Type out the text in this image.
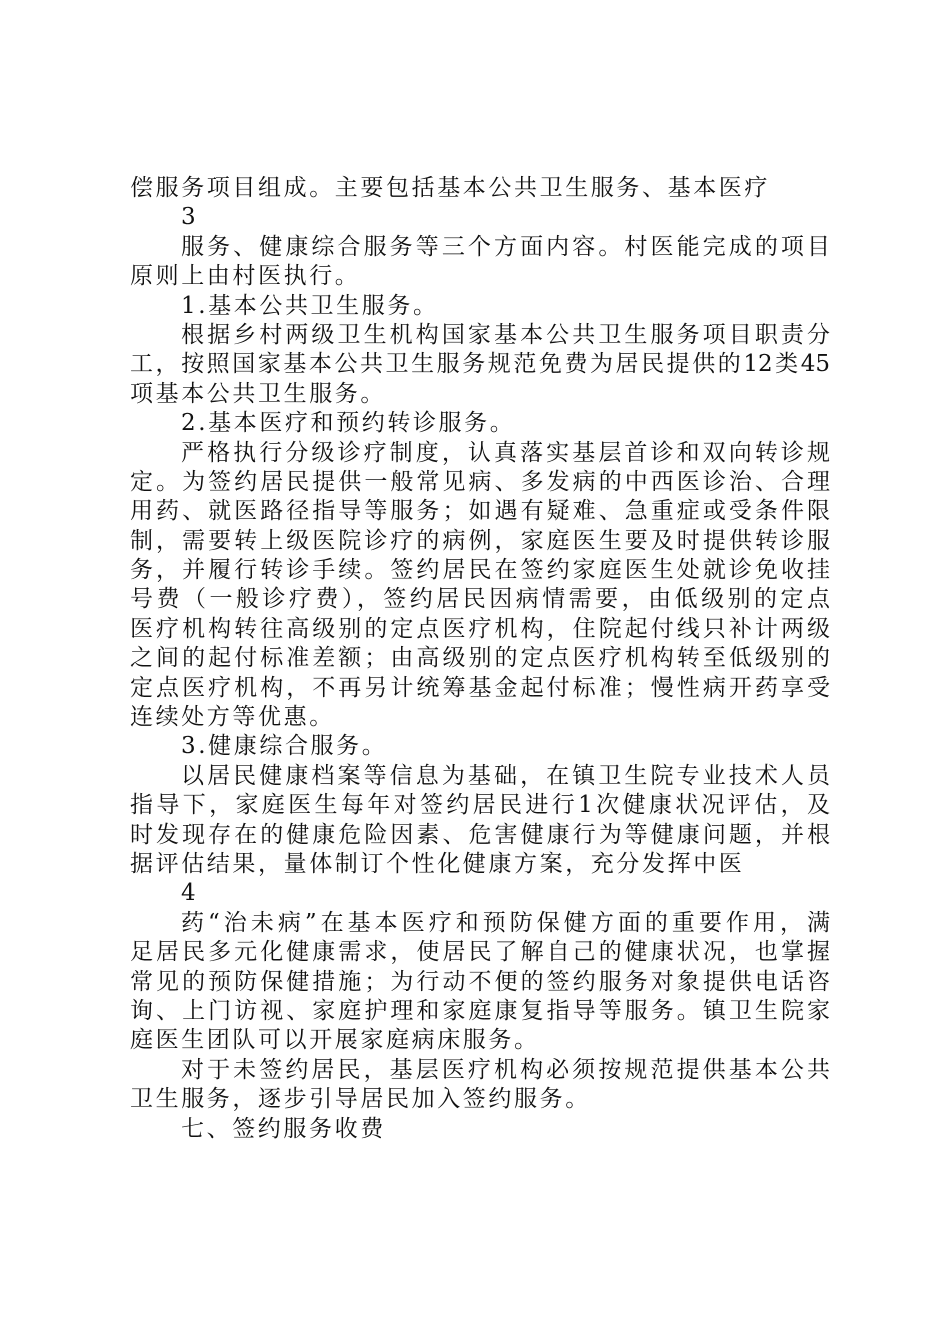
偿服务项目组成。主要包括基本公共卫生服务、基本医疗
3
服务、健康综合服务等三个方面内容。村医能完成的项目
原则上由村医执行。
1.基本公共卫生服务。
根据乡村两级卫生机构国家基本公共卫生服务项目职责分
工，按照国家基本公共卫生服务规范免费为居民提供的12类45
项基本公共卫生服务。
2.基本医疗和预约转诊服务。
严格执行分级诊疗制度，认真落实基层首诊和双向转诊规
定。为签约居民提供一般常见病、多发病的中西医诊治、合理
用药、就医路径指导等服务；如遇有疑难、急重症或受条件限
制，需要转上级医院诊疗的病例，家庭医生要及时提供转诊服
务，并履行转诊手续。签约居民在签约家庭医生处就诊免收挂
号费（一般诊疗费），签约居民因病情需要，由低级别的定点
医疗机构转往高级别的定点医疗机构，住院起付线只补计两级
之间的起付标准差额；由高级别的定点医疗机构转至低级别的
定点医疗机构，不再另计统筹基金起付标准；慢性病开药享受
连续处方等优惠。
3.健康综合服务。
以居民健康档案等信息为基础，在镇卫生院专业技术人员
指导下，家庭医生每年对签约居民进行1次健康状况评估，及
时发现存在的健康危险因素、危害健康行为等健康问题，并根
据评估结果，量体制订个性化健康方案，充分发挥中医
4
药“治未病”在基本医疗和预防保健方面的重要作用，满
足居民多元化健康需求，使居民了解自己的健康状况，也掌握
常见的预防保健措施；为行动不便的签约服务对象提供电话咨
询、上门访视、家庭护理和家庭康复指导等服务。镇卫生院家
庭医生团队可以开展家庭病床服务。
对于未签约居民，基层医疗机构必须按规范提供基本公共
卫生服务，逐步引导居民加入签约服务。
七、签约服务收费
